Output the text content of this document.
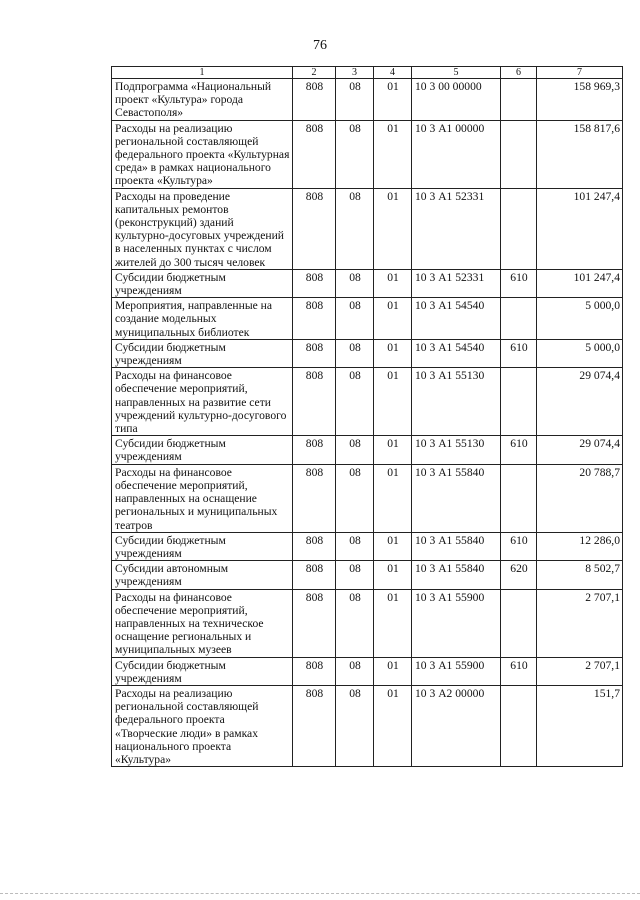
76
1	2	3	4	5	6	7
Подпрограмма «Национальный проект «Культура» города Севастополя»	808	08	01	10 3 00 00000		158 969,3
Расходы на реализацию региональной составляющей федерального проекта «Культурная среда» в рамках национального проекта «Культура»	808	08	01	10 3 А1 00000		158 817,6
Расходы на проведение капитальных ремонтов (реконструкций) зданий культурно-досуговых учреждений в населенных пунктах с числом жителей до 300 тысяч человек	808	08	01	10 3 А1 52331		101 247,4
Субсидии бюджетным учреждениям	808	08	01	10 3 А1 52331	610	101 247,4
Мероприятия, направленные на создание модельных муниципальных библиотек	808	08	01	10 3 А1 54540		5 000,0
Субсидии бюджетным учреждениям	808	08	01	10 3 А1 54540	610	5 000,0
Расходы на финансовое обеспечение мероприятий, направленных на развитие сети учреждений культурно-досугового типа	808	08	01	10 3 А1 55130		29 074,4
Субсидии бюджетным учреждениям	808	08	01	10 3 А1 55130	610	29 074,4
Расходы на финансовое обеспечение мероприятий, направленных на оснащение региональных и муниципальных театров	808	08	01	10 3 А1 55840		20 788,7
Субсидии бюджетным учреждениям	808	08	01	10 3 А1 55840	610	12 286,0
Субсидии автономным учреждениям	808	08	01	10 3 А1 55840	620	8 502,7
Расходы на финансовое обеспечение мероприятий, направленных на техническое оснащение региональных и муниципальных музеев	808	08	01	10 3 А1 55900		2 707,1
Субсидии бюджетным учреждениям	808	08	01	10 3 А1 55900	610	2 707,1
Расходы на реализацию региональной составляющей федерального проекта «Творческие люди» в рамках национального проекта «Культура»	808	08	01	10 3 А2 00000		151,7
